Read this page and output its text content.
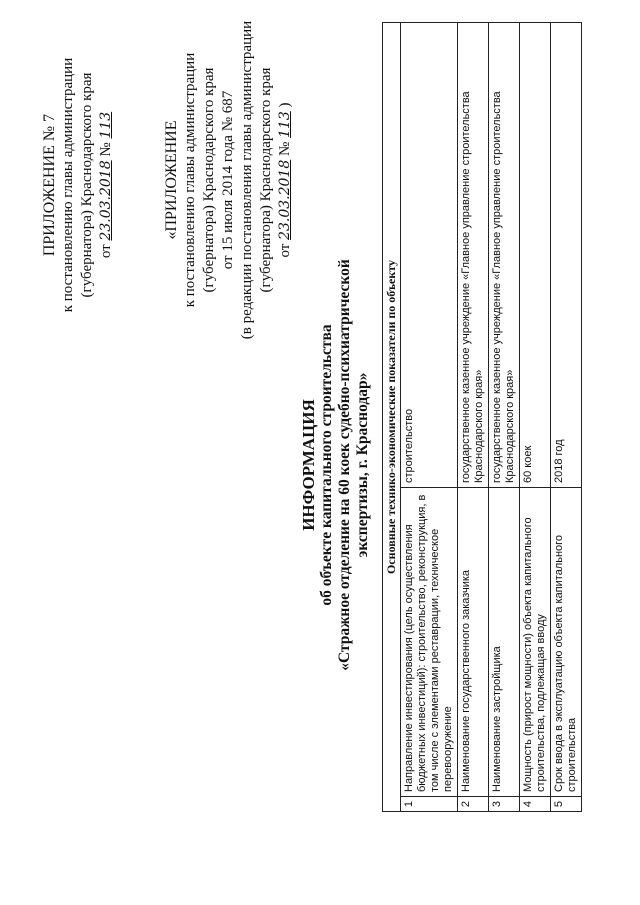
ПРИЛОЖЕНИЕ № 7 к постановлению главы администрации (губернатора) Краснодарского края от 23.03.2018 № 113	«ПРИЛОЖЕНИЕ к постановлению главы администрации (губернатора) Краснодарского края от 15 июля 2014 года № 687 (в редакции постановления главы администрации (губернатора) Краснодарского края от 23.03.2018 № 113 )
ИНФОРМАЦИЯ об объекте капитального строительства «Стражное отделение на 60 коек судебно-психиатрической экспертизы, г. Краснодар» Основные технико-экономические показатели по объекту		
1	Направление инвестирования (цель осуществления бюджетных инвестиций): строительство, реконструкция, в том числе с элементами реставрации, техническое перевооружение	строительство
2	Наименование государственного заказчика	государственное казенное учреждение «Главное управление строительства Краснодарского края»
3	Наименование застройщика	государственное казенное учреждение «Главное управление строительства Краснодарского края»
4	Мощность (прирост мощности) объекта капитального строительства, подлежащая вводу	60 коек
5	Срок ввода в эксплуатацию объекта капитального строительства	2018 год
